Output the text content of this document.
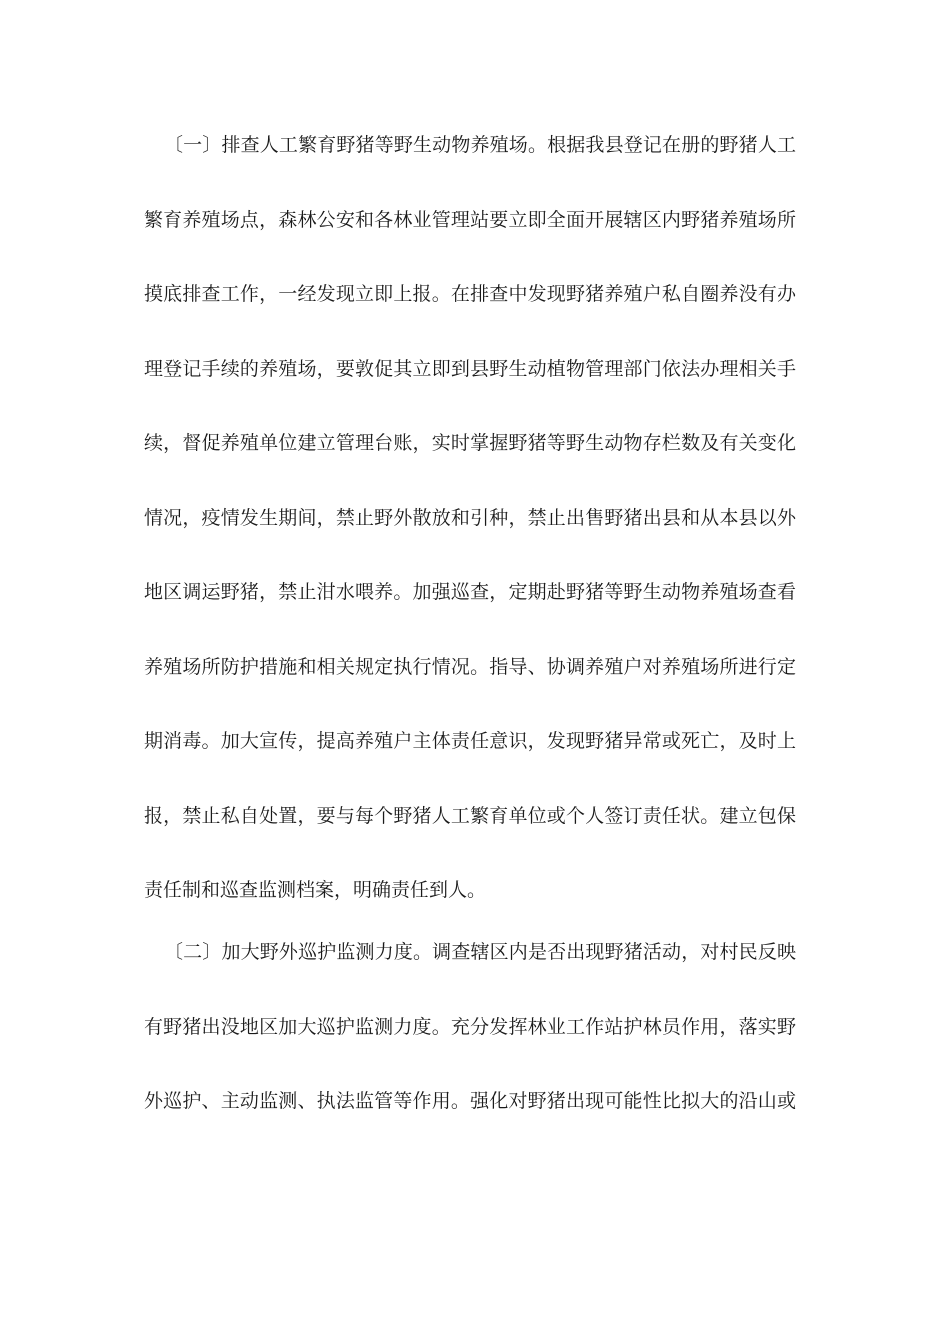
〔一〕排查人工繁育野猪等野生动物养殖场。根据我县登记在册的野猪人工
繁育养殖场点，森林公安和各林业管理站要立即全面开展辖区内野猪养殖场所
摸底排查工作，一经发现立即上报。在排查中发现野猪养殖户私自圈养没有办
理登记手续的养殖场，要敦促其立即到县野生动植物管理部门依法办理相关手
续，督促养殖单位建立管理台账，实时掌握野猪等野生动物存栏数及有关变化
情况，疫情发生期间，禁止野外散放和引种，禁止出售野猪出县和从本县以外
地区调运野猪，禁止泔水喂养。加强巡查，定期赴野猪等野生动物养殖场查看
养殖场所防护措施和相关规定执行情况。指导、协调养殖户对养殖场所进行定
期消毒。加大宣传，提高养殖户主体责任意识，发现野猪异常或死亡，及时上
报，禁止私自处置，要与每个野猪人工繁育单位或个人签订责任状。建立包保
责任制和巡查监测档案，明确责任到人。
〔二〕加大野外巡护监测力度。调查辖区内是否出现野猪活动，对村民反映
有野猪出没地区加大巡护监测力度。充分发挥林业工作站护林员作用，落实野
外巡护、主动监测、执法监管等作用。强化对野猪出现可能性比拟大的沿山或
